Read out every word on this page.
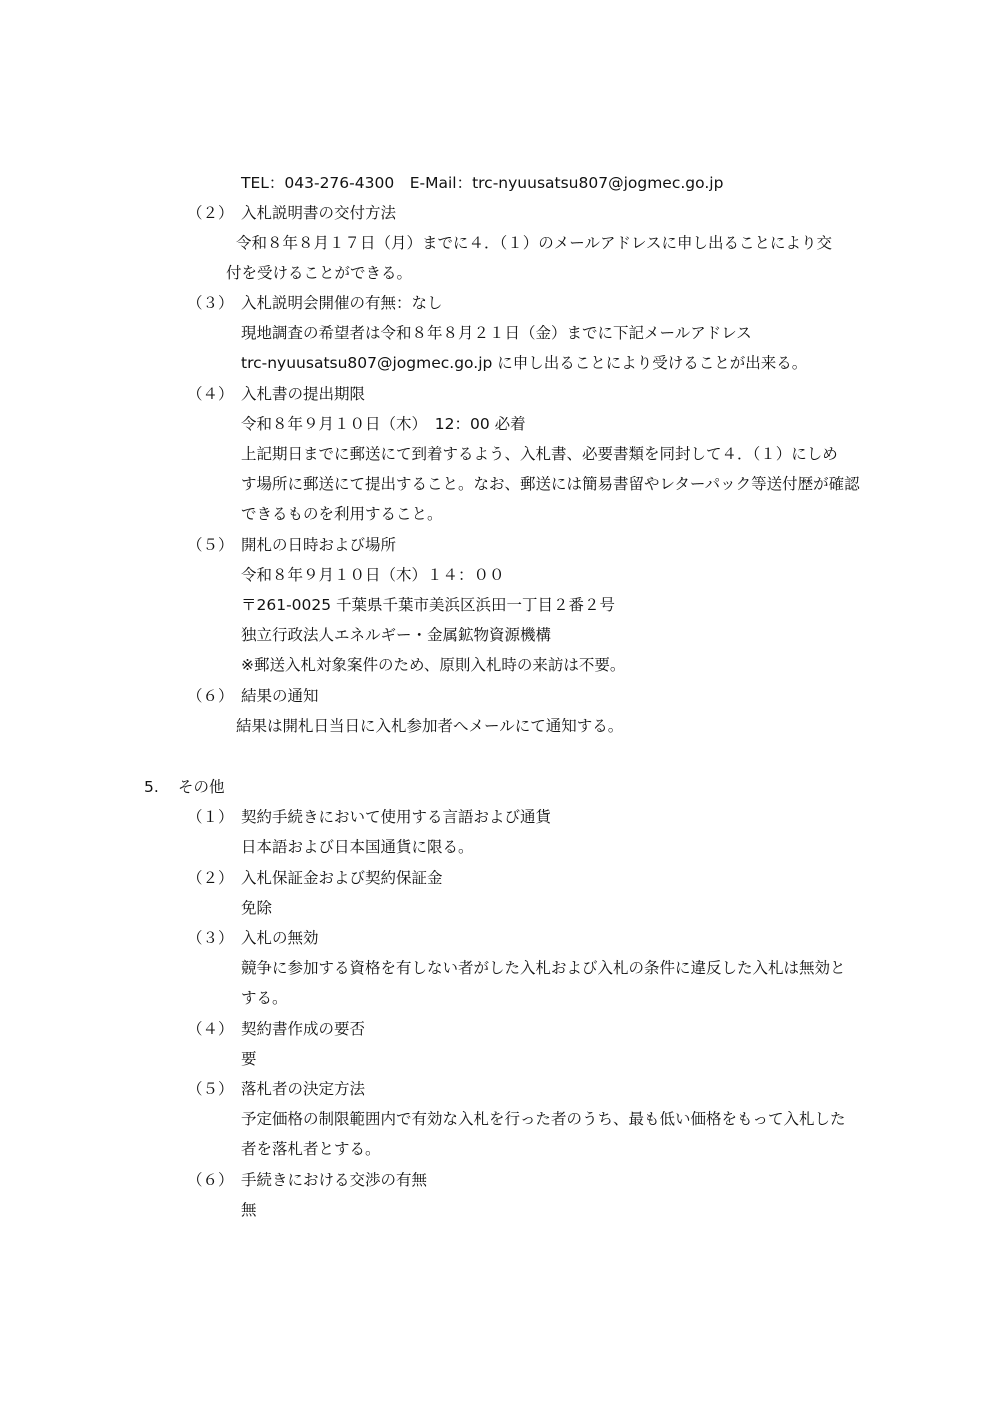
TEL：043-276-4300　E-Mail：trc-nyuusatsu807@jogmec.go.jp
（２） 入札説明書の交付方法
令和８年８月１７日（月）までに４．（１）のメールアドレスに申し出ることにより交
付を受けることができる。
（３） 入札説明会開催の有無：なし
現地調査の希望者は令和８年８月２１日（金）までに下記メールアドレス
trc-nyuusatsu807@jogmec.go.jp に申し出ることにより受けることが出来る。
（４） 入札書の提出期限
令和８年９月１０日（木）　12：00 必着
上記期日までに郵送にて到着するよう、入札書、必要書類を同封して４．（１）にしめ
す場所に郵送にて提出すること。なお、郵送には簡易書留やレターパック等送付歴が確認
できるものを利用すること。
（５） 開札の日時および場所
令和８年９月１０日（木）１４：００
〒261-0025 千葉県千葉市美浜区浜田一丁目２番２号
独立行政法人エネルギー・金属鉱物資源機構
※郵送入札対象案件のため、原則入札時の来訪は不要。
（６） 結果の通知
結果は開札日当日に入札参加者へメールにて通知する。
5. その他
（１） 契約手続きにおいて使用する言語および通貨
日本語および日本国通貨に限る。
（２） 入札保証金および契約保証金
免除
（３） 入札の無効
競争に参加する資格を有しない者がした入札および入札の条件に違反した入札は無効と
する。
（４） 契約書作成の要否
要
（５） 落札者の決定方法
予定価格の制限範囲内で有効な入札を行った者のうち、最も低い価格をもって入札した
者を落札者とする。
（６） 手続きにおける交渉の有無
無
